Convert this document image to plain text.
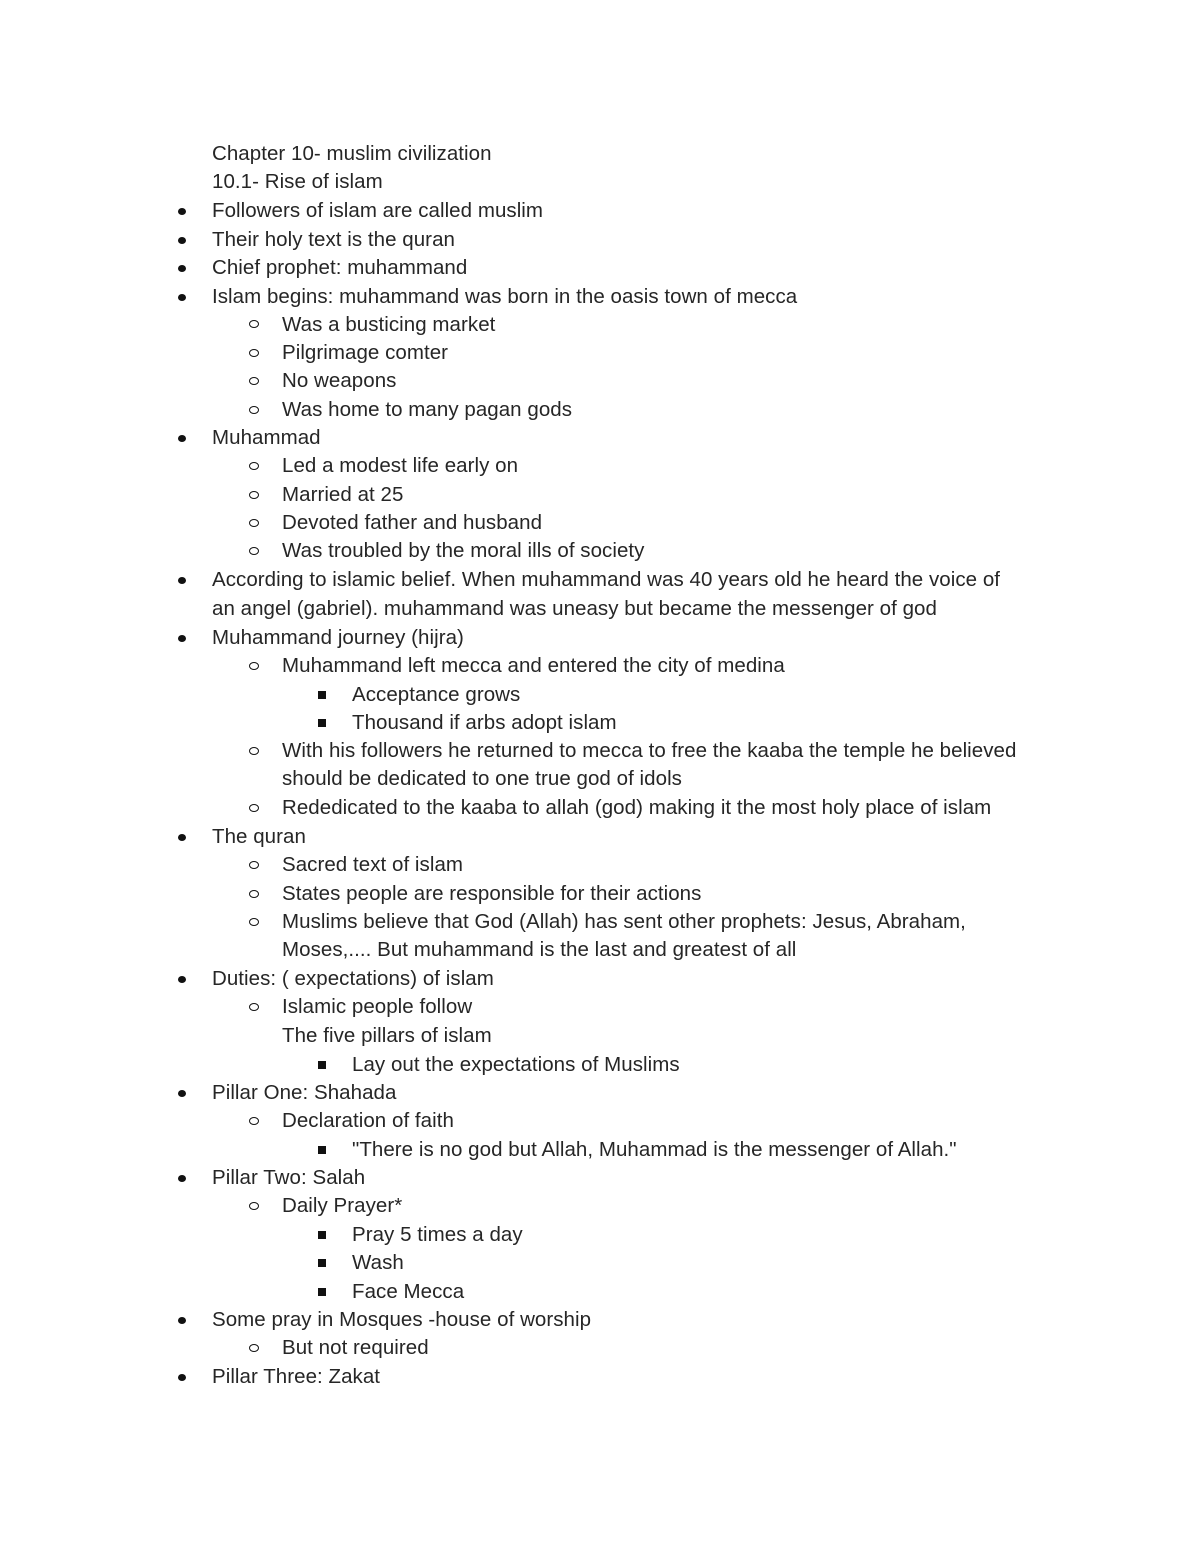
Chapter 10- muslim civilization
10.1- Rise of islam
Followers of islam are called muslim
Their holy text is the quran
Chief prophet: muhammand
Islam begins: muhammand was born in the oasis town of mecca
Was a busticing market
Pilgrimage comter
No weapons
Was home to many pagan gods
Muhammad
Led a modest life early on
Married at 25
Devoted father and husband
Was troubled by the moral ills of society
According to islamic belief. When muhammand was 40 years old he heard the voice of
an angel (gabriel). muhammand was uneasy but became the messenger of god
Muhammand journey (hijra)
Muhammand left mecca and entered the city of medina
Acceptance grows
Thousand if arbs adopt islam
With his followers he returned to mecca to free the kaaba the temple he believed
should be dedicated to one true god of idols
Rededicated to the kaaba to allah (god) making it the most holy place of islam
The quran
Sacred text of islam
States people are responsible for their actions
Muslims believe that God (Allah) has sent other prophets: Jesus, Abraham,
Moses,.... But muhammand is the last and greatest of all
Duties: ( expectations) of islam
Islamic people follow
The five pillars of islam
Lay out the expectations of Muslims
Pillar One: Shahada
Declaration of faith
"There is no god but Allah, Muhammad is the messenger of Allah."
Pillar Two: Salah
Daily Prayer*
Pray 5 times a day
Wash
Face Mecca
Some pray in Mosques -house of worship
But not required
Pillar Three: Zakat
